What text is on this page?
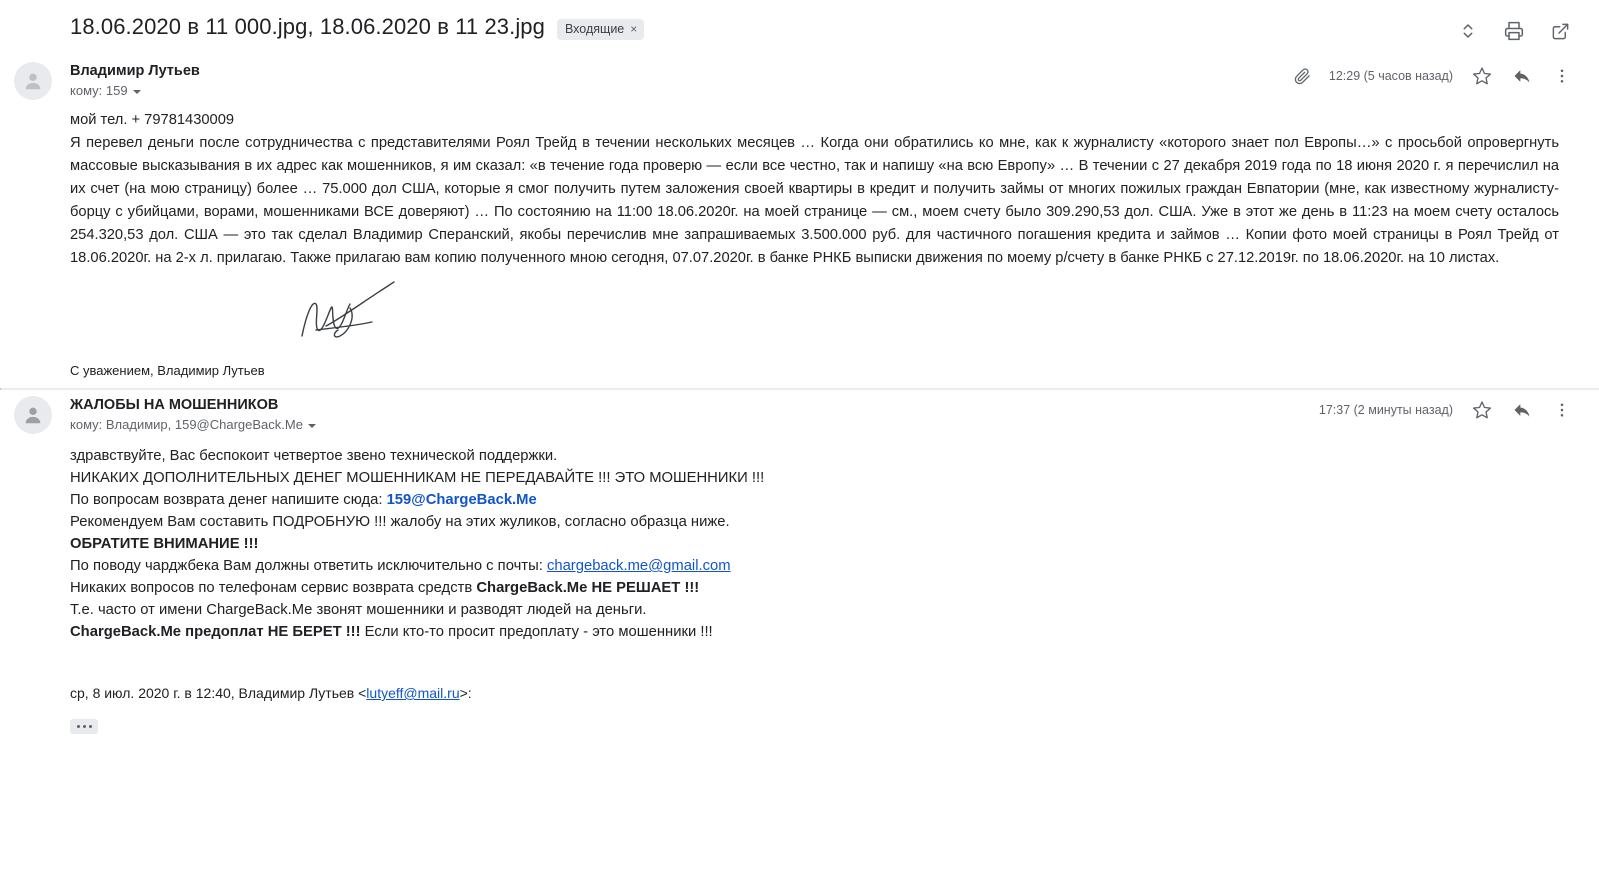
18.06.2020 в 11 000.jpg, 18.06.2020 в 11 23.jpg Входящие ×
Владимир Лутьев
кому: 159
12:29 (5 часов назад)

мой тел. + 79781430009

Я перевел деньги после сотрудничества с представителями Роял Трейд в течении нескольких месяцев … Когда они обратились ко мне, как к журналисту «которого знает пол Европы…» с просьбой опровергнуть массовые высказывания в их адрес как мошенников, я им сказал: «в течение года проверю — если все честно, так и напишу «на всю Европу» … В течении с 27 декабря 2019 года по 18 июня 2020 г. я перечислил на их счет (на мою страницу) более … 75.000 дол США, которые я смог получить путем заложения своей квартиры в кредит и получить займы от многих пожилых граждан Евпатории (мне, как известному журналисту-борцу с убийцами, ворами, мошенниками ВСЕ доверяют) … По состоянию на 11:00 18.06.2020г. на моей странице — см., моем счету было 309.290,53 дол. США. Уже в этот же день в 11:23 на моем счету осталось 254.320,53 дол. США — это так сделал Владимир Сперанский, якобы перечислив мне запрашиваемых 3.500.000 руб. для частичного погашения кредита и займов … Копии фото моей страницы в Роял Трейд от 18.06.2020г. на 2-х л. прилагаю. Также прилагаю вам копию полученного мною сегодня, 07.07.2020г. в банке РНКБ выписки движения по моему р/счету в банке РНКБ с 27.12.2019г. по 18.06.2020г. на 10 листах.

С уважением, Владимир Лутьев
ЖАЛОБЫ НА МОШЕННИКОВ
кому: Владимир, 159@ChargeBack.Me
17:37 (2 минуты назад)
здравствуйте, Вас беспокоит четвертое звено технической поддержки.
НИКАКИХ ДОПОЛНИТЕЛЬНЫХ ДЕНЕГ МОШЕННИКАМ НЕ ПЕРЕДАВАЙТЕ !!! ЭТО МОШЕННИКИ !!!
По вопросам возврата денег напишите сюда: 159@ChargeBack.Me
Рекомендуем Вам составить ПОДРОБНУЮ !!! жалобу на этих жуликов, согласно образца ниже.
ОБРАТИТЕ ВНИМАНИЕ !!!
По поводу чарджбека Вам должны ответить исключительно с почты: chargeback.me@gmail.com
Никаких вопросов по телефонам сервис возврата средств ChargeBack.Me НЕ РЕШАЕТ !!!
Т.е. часто от имени ChargeBack.Me звонят мошенники и разводят людей на деньги.
ChargeBack.Me предоплат НЕ БЕРЕТ !!! Если кто-то просит предоплату - это мошенники !!!
ср, 8 июл. 2020 г. в 12:40, Владимир Лутьев <lutyeff@mail.ru>:
